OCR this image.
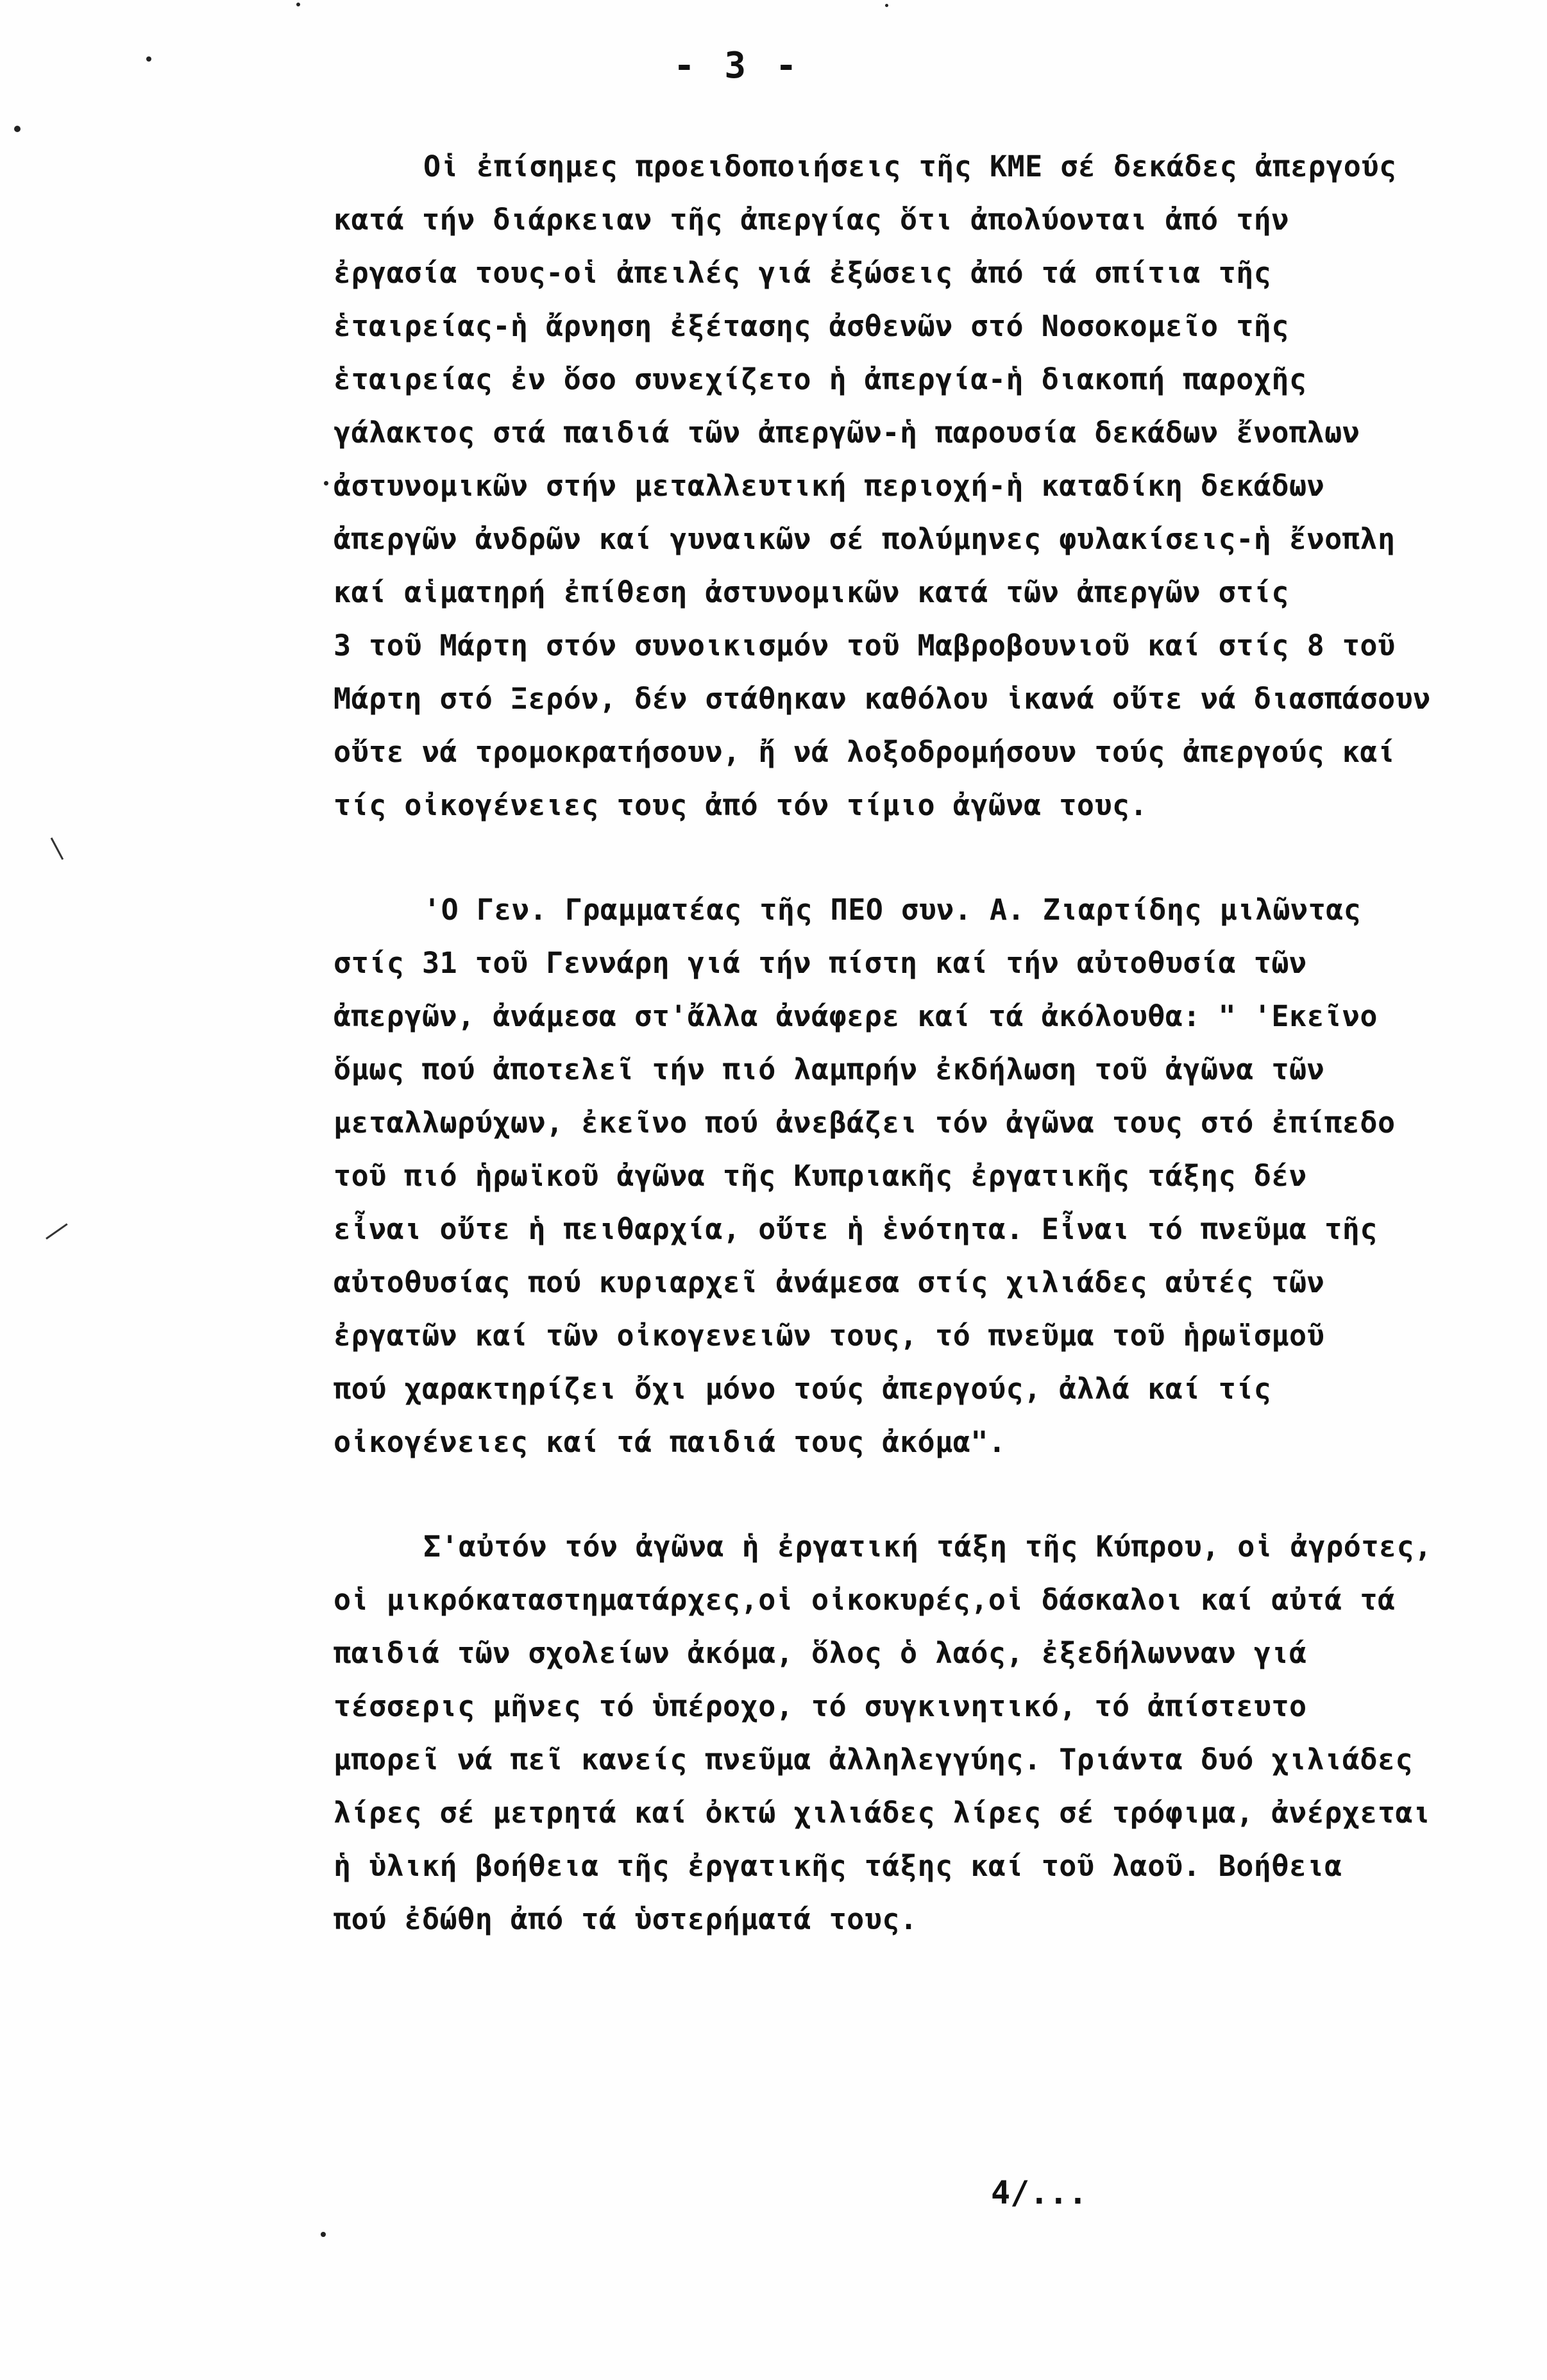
- 3 -
Οἱ ἐπίσημες προειδοποιήσεις τῆς ΚΜΕ σέ δεκάδες ἀπεργούς
κατά τήν διάρκειαν τῆς ἀπεργίας ὅτι ἀπολύονται ἀπό τήν
ἐργασία τους-οἱ ἀπειλές γιά ἐξώσεις ἀπό τά σπίτια τῆς
ἑταιρείας-ἡ ἄρνηση ἐξέτασης ἀσθενῶν στό Νοσοκομεῖο τῆς
ἑταιρείας ἐν ὅσο συνεχίζετο ἡ ἀπεργία-ἡ διακοπή παροχῆς
γάλακτος στά παιδιά τῶν ἀπεργῶν-ἡ παρουσία δεκάδων ἔνοπλων
ἀστυνομικῶν στήν μεταλλευτική περιοχή-ἡ καταδίκη δεκάδων
ἀπεργῶν ἀνδρῶν καί γυναικῶν σέ πολύμηνες φυλακίσεις-ἡ ἔνοπλη
καί αἱματηρή ἐπίθεση ἀστυνομικῶν κατά τῶν ἀπεργῶν στίς
3 τοῦ Μάρτη στόν συνοικισμόν τοῦ Μαβροβουνιοῦ καί στίς 8 τοῦ
Μάρτη στό Ξερόν, δέν στάθηκαν καθόλου ἱκανά οὔτε νά διασπάσουν
οὔτε νά τρομοκρατήσουν, ἤ νά λοξοδρομήσουν τούς ἀπεργούς καί
τίς οἰκογένειες τους ἀπό τόν τίμιο ἀγῶνα τους.
'Ο Γεν. Γραμματέας τῆς ΠΕΟ συν. Α. Ζιαρτίδης μιλῶντας
στίς 31 τοῦ Γεννάρη γιά τήν πίστη καί τήν αὐτοθυσία τῶν
ἀπεργῶν, ἀνάμεσα στ'ἄλλα ἀνάφερε καί τά ἀκόλουθα: " 'Εκεῖνο
ὅμως πού ἀποτελεῖ τήν πιό λαμπρήν ἐκδήλωση τοῦ ἀγῶνα τῶν
μεταλλωρύχων, ἐκεῖνο πού ἀνεβάζει τόν ἀγῶνα τους στό ἐπίπεδο
τοῦ πιό ἡρωϊκοῦ ἀγῶνα τῆς Κυπριακῆς ἐργατικῆς τάξης δέν
εἶναι οὔτε ἡ πειθαρχία, οὔτε ἡ ἑνότητα. Εἶναι τό πνεῦμα τῆς
αὐτοθυσίας πού κυριαρχεῖ ἀνάμεσα στίς χιλιάδες αὐτές τῶν
ἐργατῶν καί τῶν οἰκογενειῶν τους, τό πνεῦμα τοῦ ἡρωϊσμοῦ
πού χαρακτηρίζει ὄχι μόνο τούς ἀπεργούς, ἀλλά καί τίς
οἰκογένειες καί τά παιδιά τους ἀκόμα".
Σ'αὐτόν τόν ἀγῶνα ἡ ἐργατική τάξη τῆς Κύπρου, οἱ ἀγρότες,
οἱ μικρόκαταστηματάρχες,οἱ οἰκοκυρές,οἱ δάσκαλοι καί αὐτά τά
παιδιά τῶν σχολείων ἀκόμα, ὅλος ὁ λαός, ἐξεδήλωνναν γιά
τέσσερις μῆνες τό ὑπέροχο, τό συγκινητικό, τό ἀπίστευτο
μπορεῖ νά πεῖ κανείς πνεῦμα ἀλληλεγγύης. Τριάντα δυό χιλιάδες
λίρες σέ μετρητά καί ὀκτώ χιλιάδες λίρες σέ τρόφιμα, ἀνέρχεται
ἡ ὑλική βοήθεια τῆς ἐργατικῆς τάξης καί τοῦ λαοῦ. Βοήθεια
πού ἐδώθη ἀπό τά ὑστερήματά τους.
4/...
